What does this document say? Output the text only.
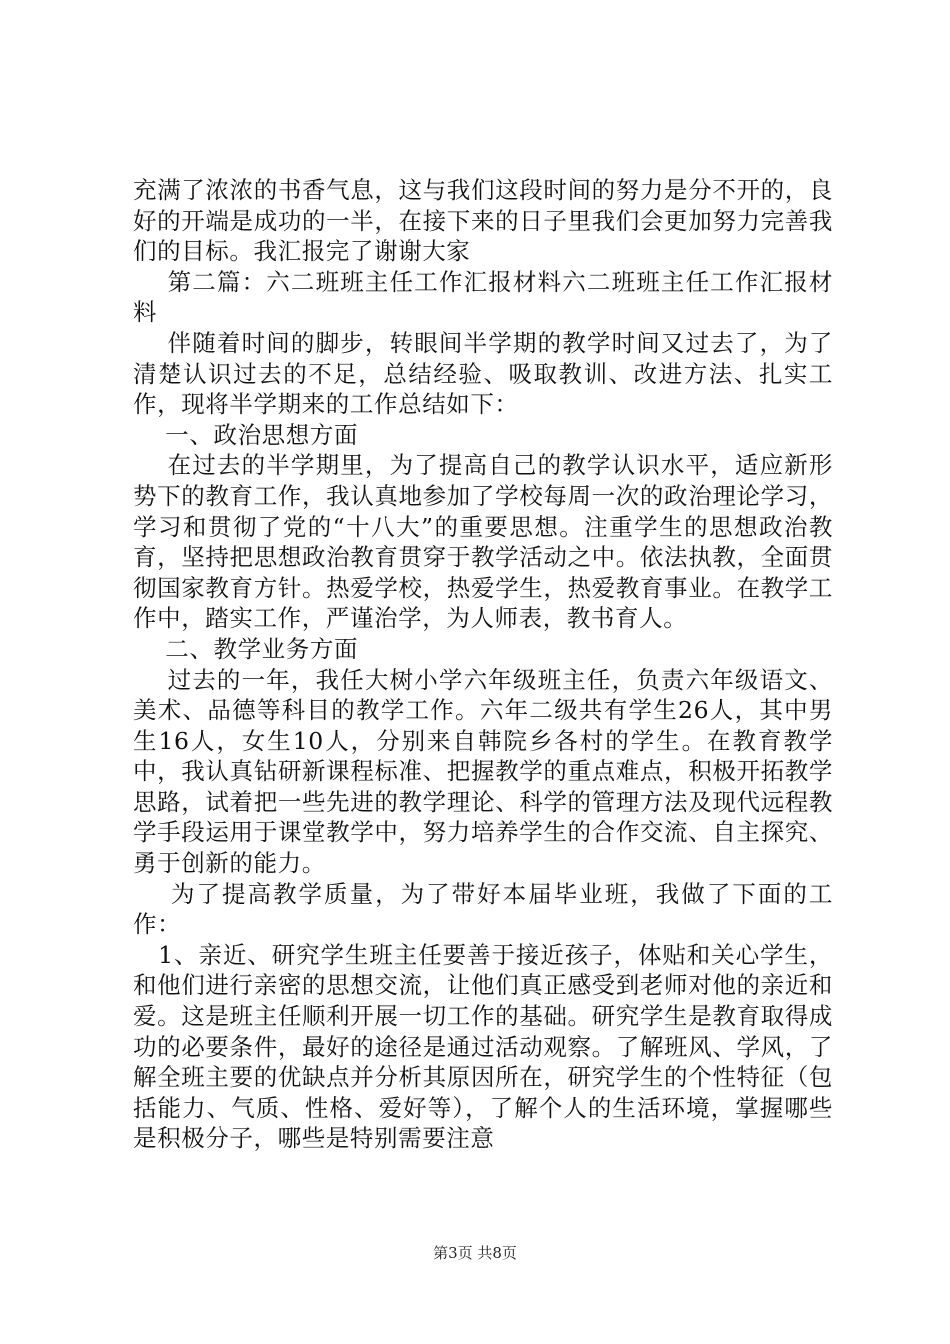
充满了浓浓的书香气息，这与我们这段时间的努力是分不开的，良好的开端是成功的一半，在接下来的日子里我们会更加努力完善我们的目标。我汇报完了谢谢大家

第二篇：六二班班主任工作汇报材料六二班班主任工作汇报材料

伴随着时间的脚步，转眼间半学期的教学时间又过去了，为了清楚认识过去的不足，总结经验、吸取教训、改进方法、扎实工作，现将半学期来的工作总结如下：

一、政治思想方面

在过去的半学期里，为了提高自己的教学认识水平，适应新形势下的教育工作，我认真地参加了学校每周一次的政治理论学习，学习和贯彻了党的“十八大”的重要思想。注重学生的思想政治教育，坚持把思想政治教育贯穿于教学活动之中。依法执教，全面贯彻国家教育方针。热爱学校，热爱学生，热爱教育事业。在教学工作中，踏实工作，严谨治学，为人师表，教书育人。

二、教学业务方面

过去的一年，我任大树小学六年级班主任，负责六年级语文、美术、品德等科目的教学工作。六年二级共有学生26人，其中男生16人，女生10人，分别来自韩院乡各村的学生。在教育教学中，我认真钻研新课程标准、把握教学的重点难点，积极开拓教学思路，试着把一些先进的教学理论、科学的管理方法及现代远程教学手段运用于课堂教学中，努力培养学生的合作交流、自主探究、勇于创新的能力。

为了提高教学质量，为了带好本届毕业班，我做了下面的工作：

1、亲近、研究学生班主任要善于接近孩子，体贴和关心学生，和他们进行亲密的思想交流，让他们真正感受到老师对他的亲近和爱。这是班主任顺利开展一切工作的基础。研究学生是教育取得成功的必要条件，最好的途径是通过活动观察。了解班风、学风，了解全班主要的优缺点并分析其原因所在，研究学生的个性特征（包括能力、气质、性格、爱好等），了解个人的生活环境，掌握哪些是积极分子，哪些是特别需要注意

第3页 共8页
